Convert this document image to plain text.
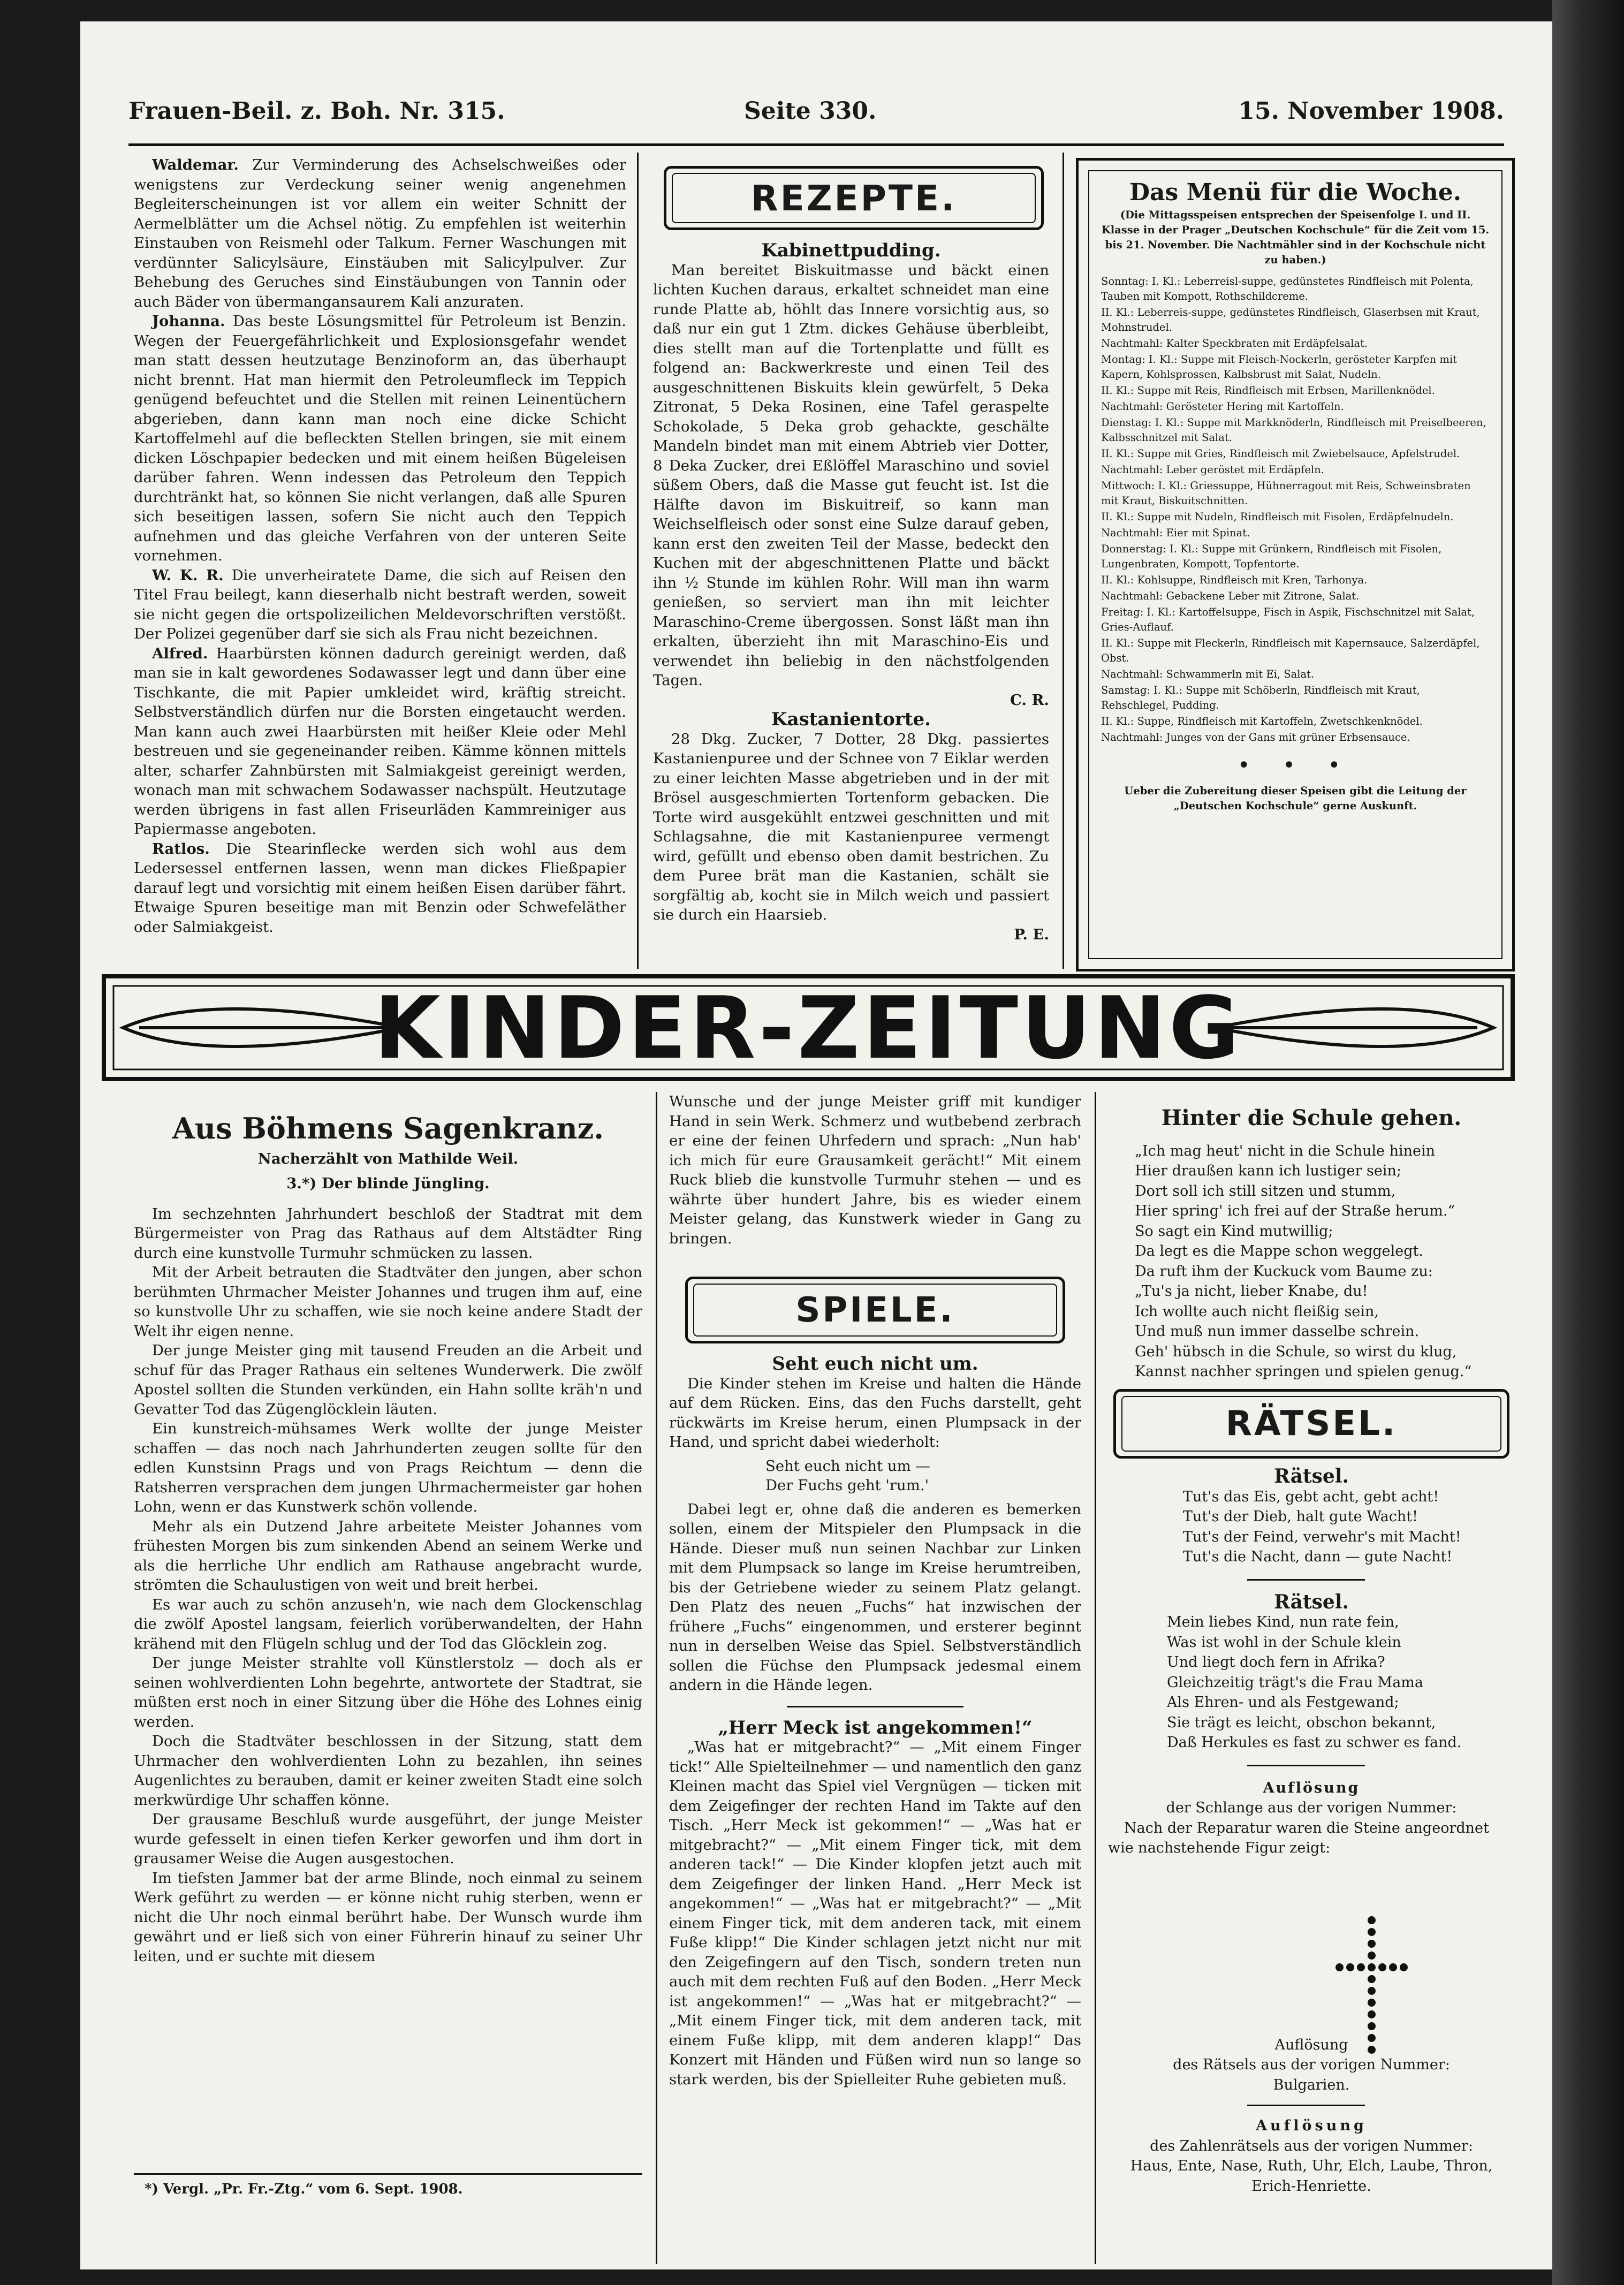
Frauen-Beil. z. Boh. Nr. 315.	Seite 330.	15. November 1908.

Waldemar. Zur Verminderung des Achselschweißes oder wenigstens zur Verdeckung seiner wenig angenehmen Begleiterscheinungen ist vor allem ein weiter Schnitt der Aermelblätter um die Achsel nötig. Zu empfehlen ist weiterhin Einstauben von Reismehl oder Talkum. Ferner Waschungen mit verdünnter Salicylsäure, Einstäuben mit Salicylpulver. Zur Behebung des Geruches sind Einstäubungen von Tannin oder auch Bäder von übermangansaurem Kali anzuraten.

Johanna. Das beste Lösungsmittel für Petroleum ist Benzin. Wegen der Feuergefährlichkeit und Explosionsgefahr wendet man statt dessen heutzutage Benzinoform an, das überhaupt nicht brennt. Hat man hiermit den Petroleumfleck im Teppich genügend befeuchtet und die Stellen mit reinen Leinentüchern abgerieben, dann kann man noch eine dicke Schicht Kartoffelmehl auf die befleckten Stellen bringen, sie mit einem dicken Löschpapier bedecken und mit einem heißen Bügeleisen darüber fahren. Wenn indessen das Petroleum den Teppich durchtränkt hat, so können Sie nicht verlangen, daß alle Spuren sich beseitigen lassen, sofern Sie nicht auch den Teppich aufnehmen und das gleiche Verfahren von der unteren Seite vornehmen.

W. K. R. Die unverheiratete Dame, die sich auf Reisen den Titel Frau beilegt, kann dieserhalb nicht bestraft werden, soweit sie nicht gegen die ortspolizeilichen Meldevorschriften verstößt. Der Polizei gegenüber darf sie sich als Frau nicht bezeichnen.

Alfred. Haarbürsten können dadurch gereinigt werden, daß man sie in kalt gewordenes Sodawasser legt und dann über eine Tischkante, die mit Papier umkleidet wird, kräftig streicht. Selbstverständlich dürfen nur die Borsten eingetaucht werden. Man kann auch zwei Haarbürsten mit heißer Kleie oder Mehl bestreuen und sie gegeneinander reiben. Kämme können mittels alter, scharfer Zahnbürsten mit Salmiakgeist gereinigt werden, wonach man mit schwachem Sodawasser nachspült. Heutzutage werden übrigens in fast allen Friseurläden Kammreiniger aus Papiermasse angeboten.

Ratlos. Die Stearinflecke werden sich wohl aus dem Ledersessel entfernen lassen, wenn man dickes Fließpapier darauf legt und vorsichtig mit einem heißen Eisen darüber fährt. Etwaige Spuren beseitige man mit Benzin oder Schwefeläther oder Salmiakgeist.

REZEPTE.

Kabinettpudding.

Man bereitet Biskuitmasse und bäckt einen lichten Kuchen daraus, erkaltet schneidet man eine runde Platte ab, höhlt das Innere vorsichtig aus, so daß nur ein gut 1 Ztm. dickes Gehäuse überbleibt, dies stellt man auf die Tortenplatte und füllt es folgend an: Backwerkreste und einen Teil des ausgeschnittenen Biskuits klein gewürfelt, 5 Deka Zitronat, 5 Deka Rosinen, eine Tafel geraspelte Schokolade, 5 Deka grob gehackte, geschälte Mandeln bindet man mit einem Abtrieb vier Dotter, 8 Deka Zucker, drei Eßlöffel Maraschino und soviel süßem Obers, daß die Masse gut feucht ist. Ist die Hälfte davon im Biskuitreif, so kann man Weichselfleisch oder sonst eine Sulze darauf geben, kann erst den zweiten Teil der Masse, bedeckt den Kuchen mit der abgeschnittenen Platte und bäckt ihn ½ Stunde im kühlen Rohr. Will man ihn warm genießen, so serviert man ihn mit leichter Maraschino-Creme übergossen. Sonst läßt man ihn erkalten, überzieht ihn mit Maraschino-Eis und verwendet ihn beliebig in den nächstfolgenden Tagen.

C. R.

Kastanientorte.

28 Dkg. Zucker, 7 Dotter, 28 Dkg. passiertes Kastanienpuree und der Schnee von 7 Eiklar werden zu einer leichten Masse abgetrieben und in der mit Brösel ausgeschmierten Tortenform gebacken. Die Torte wird ausgekühlt entzwei geschnitten und mit Schlagsahne, die mit Kastanienpuree vermengt wird, gefüllt und ebenso oben damit bestrichen. Zu dem Puree brät man die Kastanien, schält sie sorgfältig ab, kocht sie in Milch weich und passiert sie durch ein Haarsieb.

P. E.

Das Menü für die Woche.
(Die Mittagsspeisen entsprechen der Speisenfolge I. und II. Klasse in der Prager „Deutschen Kochschule“ für die Zeit vom 15. bis 21. November. Die Nachtmähler sind in der Kochschule nicht zu haben.)
Sonntag: I. Kl.: Leberreisl-suppe, gedünstetes Rindfleisch mit Polenta, Tauben mit Kompott, Rothschildcreme.
II. Kl.: Leberreis-suppe, gedünstetes Rindfleisch, Glaserbsen mit Kraut, Mohnstrudel.
Nachtmahl: Kalter Speckbraten mit Erdäpfelsalat.
Montag: I. Kl.: Suppe mit Fleisch-Nockerln, gerösteter Karpfen mit Kapern, Kohlsprossen, Kalbsbrust mit Salat, Nudeln.
II. Kl.: Suppe mit Reis, Rindfleisch mit Erbsen, Marillenknödel.
Nachtmahl: Gerösteter Hering mit Kartoffeln.
Dienstag: I. Kl.: Suppe mit Markknöderln, Rindfleisch mit Preiselbeeren, Kalbsschnitzel mit Salat.
II. Kl.: Suppe mit Gries, Rindfleisch mit Zwiebelsauce, Apfelstrudel.
Nachtmahl: Leber geröstet mit Erdäpfeln.
Mittwoch: I. Kl.: Griessuppe, Hühnerragout mit Reis, Schweinsbraten mit Kraut, Biskuitschnitten.
II. Kl.: Suppe mit Nudeln, Rindfleisch mit Fisolen, Erdäpfelnudeln.
Nachtmahl: Eier mit Spinat.
Donnerstag: I. Kl.: Suppe mit Grünkern, Rindfleisch mit Fisolen, Lungenbraten, Kompott, Topfentorte.
II. Kl.: Kohlsuppe, Rindfleisch mit Kren, Tarhonya.
Nachtmahl: Gebackene Leber mit Zitrone, Salat.
Freitag: I. Kl.: Kartoffelsuppe, Fisch in Aspik, Fischschnitzel mit Salat, Gries-Auflauf.
II. Kl.: Suppe mit Fleckerln, Rindfleisch mit Kapernsauce, Salzerdäpfel, Obst.
Nachtmahl: Schwammerln mit Ei, Salat.
Samstag: I. Kl.: Suppe mit Schöberln, Rindfleisch mit Kraut, Rehschlegel, Pudding.
II. Kl.: Suppe, Rindfleisch mit Kartoffeln, Zwetschkenknödel.
Nachtmahl: Junges von der Gans mit grüner Erbsensauce.
• • •
Ueber die Zubereitung dieser Speisen gibt die Leitung der „Deutschen Kochschule“ gerne Auskunft.
KINDER-ZEITUNG

Aus Böhmens Sagenkranz.

Nacherzählt von Mathilde Weil.

3.*) Der blinde Jüngling.

Im sechzehnten Jahrhundert beschloß der Stadtrat mit dem Bürgermeister von Prag das Rathaus auf dem Altstädter Ring durch eine kunstvolle Turmuhr schmücken zu lassen.

Mit der Arbeit betrauten die Stadtväter den jungen, aber schon berühmten Uhrmacher Meister Johannes und trugen ihm auf, eine so kunstvolle Uhr zu schaffen, wie sie noch keine andere Stadt der Welt ihr eigen nenne.

Der junge Meister ging mit tausend Freuden an die Arbeit und schuf für das Prager Rathaus ein seltenes Wunderwerk. Die zwölf Apostel sollten die Stunden verkünden, ein Hahn sollte kräh'n und Gevatter Tod das Zügenglöcklein läuten.

Ein kunstreich-mühsames Werk wollte der junge Meister schaffen — das noch nach Jahrhunderten zeugen sollte für den edlen Kunstsinn Prags und von Prags Reichtum — denn die Ratsherren versprachen dem jungen Uhrmachermeister gar hohen Lohn, wenn er das Kunstwerk schön vollende.

Mehr als ein Dutzend Jahre arbeitete Meister Johannes vom frühesten Morgen bis zum sinkenden Abend an seinem Werke und als die herrliche Uhr endlich am Rathause angebracht wurde, strömten die Schaulustigen von weit und breit herbei.

Es war auch zu schön anzuseh'n, wie nach dem Glockenschlag die zwölf Apostel langsam, feierlich vorüberwandelten, der Hahn krähend mit den Flügeln schlug und der Tod das Glöcklein zog.

Der junge Meister strahlte voll Künstlerstolz — doch als er seinen wohlverdienten Lohn begehrte, antwortete der Stadtrat, sie müßten erst noch in einer Sitzung über die Höhe des Lohnes einig werden.

Doch die Stadtväter beschlossen in der Sitzung, statt dem Uhrmacher den wohlverdienten Lohn zu bezahlen, ihn seines Augenlichtes zu berauben, damit er keiner zweiten Stadt eine solch merkwürdige Uhr schaffen könne.

Der grausame Beschluß wurde ausgeführt, der junge Meister wurde gefesselt in einen tiefen Kerker geworfen und ihm dort in grausamer Weise die Augen ausgestochen.

Im tiefsten Jammer bat der arme Blinde, noch einmal zu seinem Werk geführt zu werden — er könne nicht ruhig sterben, wenn er nicht die Uhr noch einmal berührt habe. Der Wunsch wurde ihm gewährt und er ließ sich von einer Führerin hinauf zu seiner Uhr leiten, und er suchte mit diesem

*) Vergl. „Pr. Fr.-Ztg.“ vom 6. Sept. 1908.

Wunsche und der junge Meister griff mit kundiger Hand in sein Werk. Schmerz und wutbebend zerbrach er eine der feinen Uhrfedern und sprach: „Nun hab' ich mich für eure Grausamkeit gerächt!“ Mit einem Ruck blieb die kunstvolle Turmuhr stehen — und es währte über hundert Jahre, bis es wieder einem Meister gelang, das Kunstwerk wieder in Gang zu bringen.

SPIELE.

Seht euch nicht um.

Die Kinder stehen im Kreise und halten die Hände auf dem Rücken. Eins, das den Fuchs darstellt, geht rückwärts im Kreise herum, einen Plumpsack in der Hand, und spricht dabei wiederholt:

Seht euch nicht um —
Der Fuchs geht 'rum.'

Dabei legt er, ohne daß die anderen es bemerken sollen, einem der Mitspieler den Plumpsack in die Hände. Dieser muß nun seinen Nachbar zur Linken mit dem Plumpsack so lange im Kreise herumtreiben, bis der Getriebene wieder zu seinem Platz gelangt. Den Platz des neuen „Fuchs“ hat inzwischen der frühere „Fuchs“ eingenommen, und ersterer beginnt nun in derselben Weise das Spiel. Selbstverständlich sollen die Füchse den Plumpsack jedesmal einem andern in die Hände legen.

„Herr Meck ist angekommen!“

„Was hat er mitgebracht?“ — „Mit einem Finger tick!“ Alle Spielteilnehmer — und namentlich den ganz Kleinen macht das Spiel viel Vergnügen — ticken mit dem Zeigefinger der rechten Hand im Takte auf den Tisch. „Herr Meck ist gekommen!“ — „Was hat er mitgebracht?“ — „Mit einem Finger tick, mit dem anderen tack!“ — Die Kinder klopfen jetzt auch mit dem Zeigefinger der linken Hand. „Herr Meck ist angekommen!“ — „Was hat er mitgebracht?“ — „Mit einem Finger tick, mit dem anderen tack, mit einem Fuße klipp!“ Die Kinder schlagen jetzt nicht nur mit den Zeigefingern auf den Tisch, sondern treten nun auch mit dem rechten Fuß auf den Boden. „Herr Meck ist angekommen!“ — „Was hat er mitgebracht?“ — „Mit einem Finger tick, mit dem anderen tack, mit einem Fuße klipp, mit dem anderen klapp!“ Das Konzert mit Händen und Füßen wird nun so lange so stark werden, bis der Spielleiter Ruhe gebieten muß.

Hinter die Schule gehen.

„Ich mag heut' nicht in die Schule hinein
Hier draußen kann ich lustiger sein;
Dort soll ich still sitzen und stumm,
Hier spring' ich frei auf der Straße herum.“
So sagt ein Kind mutwillig;
Da legt es die Mappe schon weggelegt.
Da ruft ihm der Kuckuck vom Baume zu:
„Tu's ja nicht, lieber Knabe, du!
Ich wollte auch nicht fleißig sein,
Und muß nun immer dasselbe schrein.
Geh' hübsch in die Schule, so wirst du klug,
Kannst nachher springen und spielen genug.“
RÄTSEL.

Rätsel.

Tut's das Eis, gebt acht, gebt acht!
Tut's der Dieb, halt gute Wacht!
Tut's der Feind, verwehr's mit Macht!
Tut's die Nacht, dann — gute Nacht!

Rätsel.

Mein liebes Kind, nun rate fein,
Was ist wohl in der Schule klein
Und liegt doch fern in Afrika?
Gleichzeitig trägt's die Frau Mama
Als Ehren- und als Festgewand;
Sie trägt es leicht, obschon bekannt,
Daß Herkules es fast zu schwer es fand.

Auflösung

der Schlange aus der vorigen Nummer:

Nach der Reparatur waren die Steine angeordnet wie nachstehende Figur zeigt:

Auflösung
des Rätsels aus der vorigen Nummer:
Bulgarien.

Auflösung

des Zahlenrätsels aus der vorigen Nummer:
Haus, Ente, Nase, Ruth, Uhr, Elch, Laube, Thron,
Erich-Henriette.
